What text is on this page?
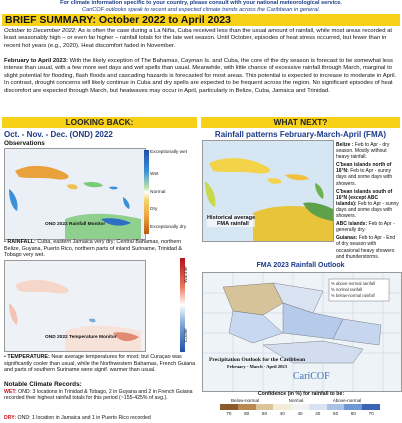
For climate information specific to your country, please consult with your national meteorological service.
CariCOF outlooks speak to recent and expected climate trends across the Caribbean in general.
BRIEF SUMMARY: October 2022 to April 2023
October to December 2022: As is often the case during a La Niña, Cuba received less than the usual amount of rainfall, while most areas recorded at least seasonably high – or even far higher – rainfall totals for the late wet season. Until October, episodes of heat stress occurred, but fewer than in recent hot years (e.g., 2020). Heat discomfort faded in November.
February to April 2023: With the likely exception of The Bahamas, Cayman Is. and Cuba, the core of the dry season is forecast to be somewhat less intense than usual, with a few more wet days and wet spells than usual. Meanwhile, with little chance of excessive rainfall through March, marginal to slight potential for flooding, flash floods and cascading hazards is forecasted for most areas. This potential is expected to increase to moderate in April. In contrast, drought concerns will likely continue in Cuba and dry spells are expected to be frequent across the region. No significant episodes of heat discomfort are expected through March, but heatwaves may occur in April, particularly in Belize, Cuba, Jamaica and Trinidad.
LOOKING BACK:	WHAT NEXT?
Oct. - Nov. - Dec. (OND) 2022
Observations
OND 2022 Rainfall Monitor
Exceptionally wet
Wet
Normal
Dry
Exceptionally dry
• RAINFALL: Cuba, eastern Jamaica very dry; Central Bahamas, northern Belize, Guyana, Puerto Rico, northern parts of inland Suriname, Trinidad & Tobago very wet.
OND 2022 Temperature Monitor
Warmer
Cooler
• TEMPERATURE: Near average temperatures for most; but Curaçao was significantly cooler than usual, while the Northwestern Bahamas, French Guiana and parts of southern Suriname were signif. warmer than usual.
Notable Climate Records:
WET: OND: 3 locations in Trinidad & Tobago, 2 in Guyana and 2 in French Guiana recorded their highest rainfall totals for this period (~155-425% of avg.).
DRY: OND: 1 location in Jamaica and 1 in Puerto Rico recorded
Rainfall patterns February-March-April (FMA)
Historical average
FMA rainfall
Belize : Feb to Apr - dry season. Mostly without heavy rainfall.
C'bean islands north of 16°N: Feb to Apr - sunny days and some days with showers.
C'bean islands south of 16°N (except ABC islands): Feb to Apr - sunny days and some days with showers.
ABC islands: Feb to Apr - generally dry.
Guianas: Feb to Apr - End of dry season with occasional heavy showers and thunderstorms.
FMA 2023 Rainfall Outlook
% above-normal rainfall
% normal rainfall
% below-normal rainfall
Precipitation Outlook for the Caribbean
February - March - April 2023
CariCOF
Confidence (in %) for rainfall to be:
Below-normal	Normal	Above-normal
70	60	50	40	40	40	50	60	70
